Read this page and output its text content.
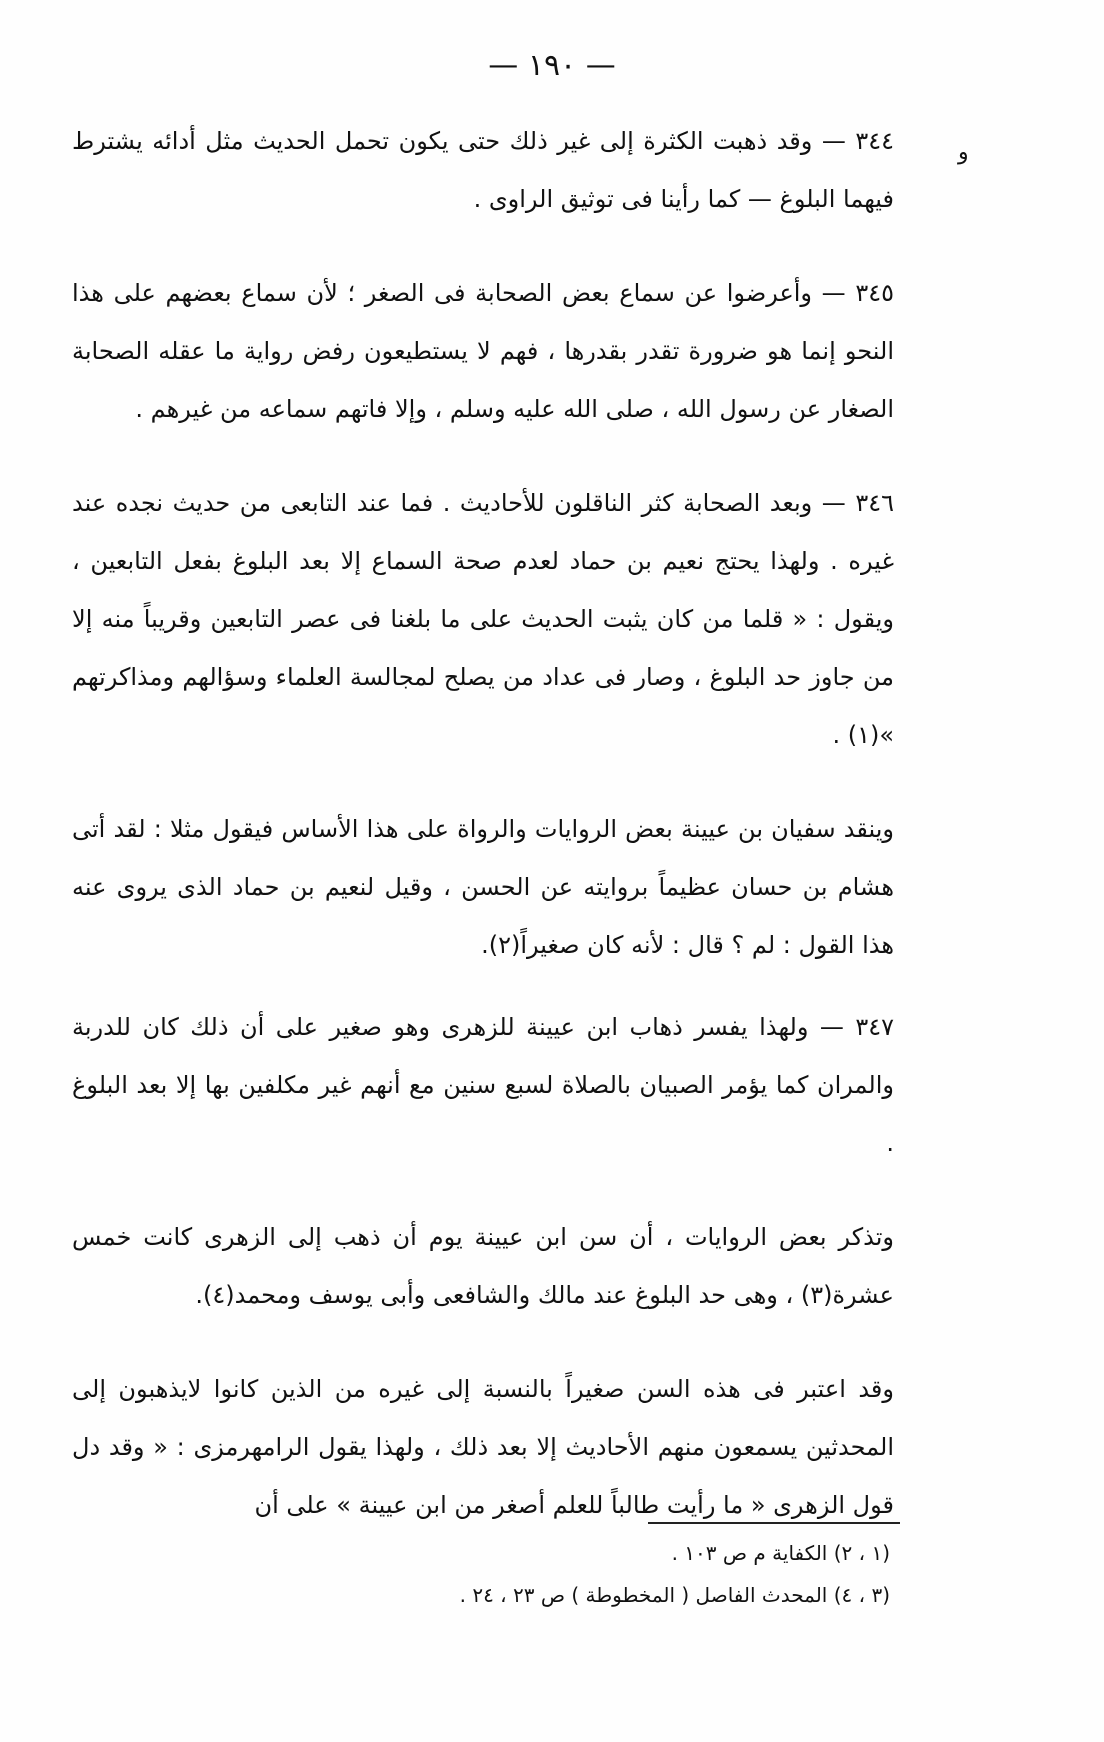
— ١٩٠ —
و

٣٤٤ — وقد ذهبت الكثرة إلى غير ذلك حتى يكون تحمل الحديث مثل أدائه يشترط فيهما البلوغ — كما رأينا فى توثيق الراوى .

٣٤٥ — وأعرضوا عن سماع بعض الصحابة فى الصغر ؛ لأن سماع بعضهم على هذا النحو إنما هو ضرورة تقدر بقدرها ، فهم لا يستطيعون رفض رواية ما عقله الصحابة الصغار عن رسول الله ، صلى الله عليه وسلم ، وإلا فاتهم سماعه من غيرهم .

٣٤٦ — وبعد الصحابة كثر الناقلون للأحاديث . فما عند التابعى من حديث نجده عند غيره . ولهذا يحتج نعيم بن حماد لعدم صحة السماع إلا بعد البلوغ بفعل التابعين ، ويقول : « قلما من كان يثبت الحديث على ما بلغنا فى عصر التابعين وقريباً منه إلا من جاوز حد البلوغ ، وصار فى عداد من يصلح لمجالسة العلماء وسؤالهم ومذاكرتهم »(١) .

وينقد سفيان بن عيينة بعض الروايات والرواة على هذا الأساس فيقول مثلا : لقد أتى هشام بن حسان عظيماً بروايته عن الحسن ، وقيل لنعيم بن حماد الذى يروى عنه هذا القول : لم ؟ قال : لأنه كان صغيراً(٢).

٣٤٧ — ولهذا يفسر ذهاب ابن عيينة للزهرى وهو صغير على أن ذلك كان للدربة والمران كما يؤمر الصبيان بالصلاة لسبع سنين مع أنهم غير مكلفين بها إلا بعد البلوغ .

وتذكر بعض الروايات ، أن سن ابن عيينة يوم أن ذهب إلى الزهرى كانت خمس عشرة(٣) ، وهى حد البلوغ عند مالك والشافعى وأبى يوسف ومحمد(٤).

وقد اعتبر فى هذه السن صغيراً بالنسبة إلى غيره من الذين كانوا لايذهبون إلى المحدثين يسمعون منهم الأحاديث إلا بعد ذلك ، ولهذا يقول الرامهرمزى : « وقد دل قول الزهرى « ما رأيت طالباً للعلم أصغر من ابن عيينة » على أن

(١ ، ٢) الكفاية م ص ١٠٣ .

(٣ ، ٤) المحدث الفاصل ( المخطوطة ) ص ٢٣ ، ٢٤ .
